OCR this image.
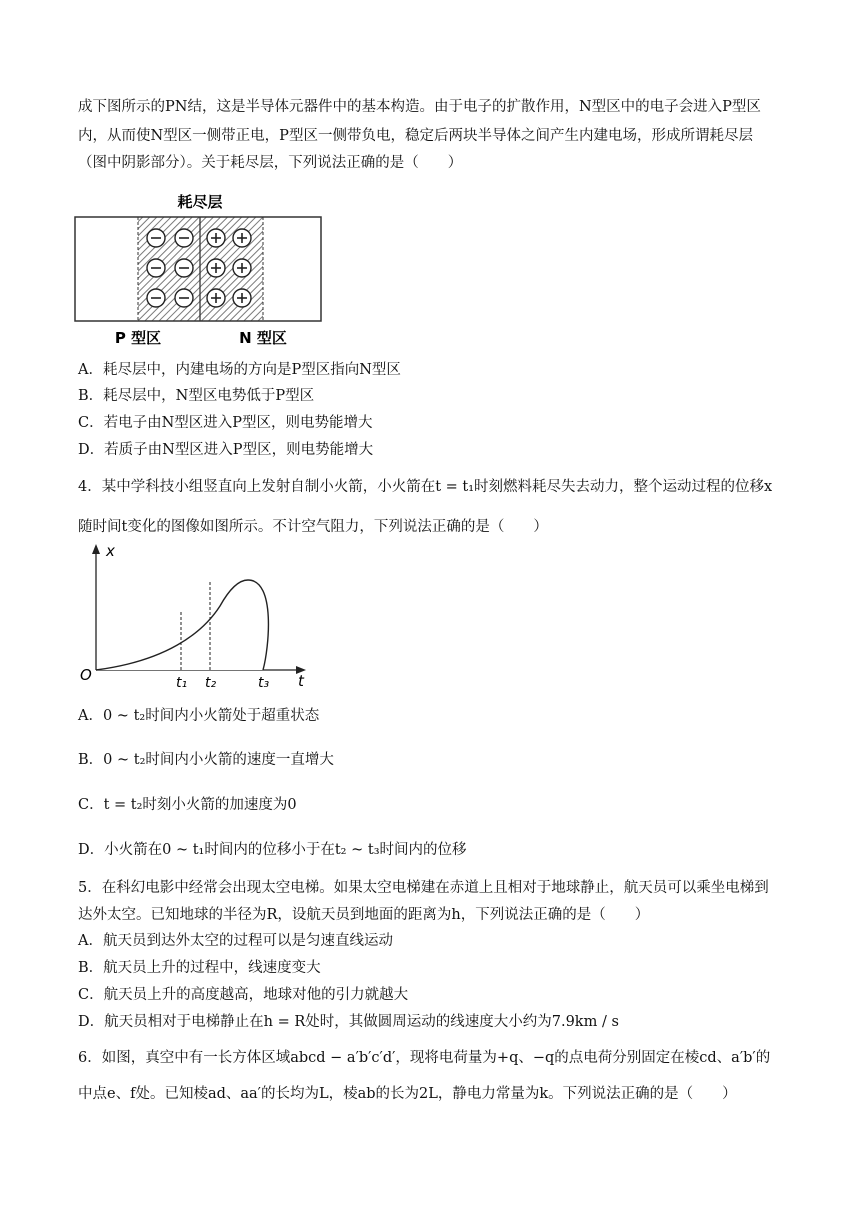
成下图所示的PN结，这是半导体元器件中的基本构造。由于电子的扩散作用，N型区中的电子会进入P型区
内，从而使N型区一侧带正电，P型区一侧带负电，稳定后两块半导体之间产生内建电场，形成所谓耗尽层
（图中阴影部分）。关于耗尽层，下列说法正确的是（　　）
耗尽层
P 型区	N 型区
A．耗尽层中，内建电场的方向是P型区指向N型区
B．耗尽层中，N型区电势低于P型区
C．若电子由N型区进入P型区，则电势能增大
D．若质子由N型区进入P型区，则电势能增大
4．某中学科技小组竖直向上发射自制小火箭，小火箭在t = t₁时刻燃料耗尽失去动力，整个运动过程的位移x
随时间t变化的图像如图所示。不计空气阻力，下列说法正确的是（　　）
x
t
O	t₁ t₂	t₃
A．0 ~ t₂时间内小火箭处于超重状态
B．0 ~ t₂时间内小火箭的速度一直增大
C．t = t₂时刻小火箭的加速度为0
D．小火箭在0 ~ t₁时间内的位移小于在t₂ ~ t₃时间内的位移
5．在科幻电影中经常会出现太空电梯。如果太空电梯建在赤道上且相对于地球静止，航天员可以乘坐电梯到
达外太空。已知地球的半径为R，设航天员到地面的距离为h，下列说法正确的是（　　）
A．航天员到达外太空的过程可以是匀速直线运动
B．航天员上升的过程中，线速度变大
C．航天员上升的高度越高，地球对他的引力就越大
D．航天员相对于电梯静止在h = R处时，其做圆周运动的线速度大小约为7.9km / s
6．如图，真空中有一长方体区域abcd − a′b′c′d′，现将电荷量为+q、−q的点电荷分别固定在棱cd、a′b′的
中点e、f处。已知棱ad、aa′的长均为L，棱ab的长为2L，静电力常量为k。下列说法正确的是（　　）
